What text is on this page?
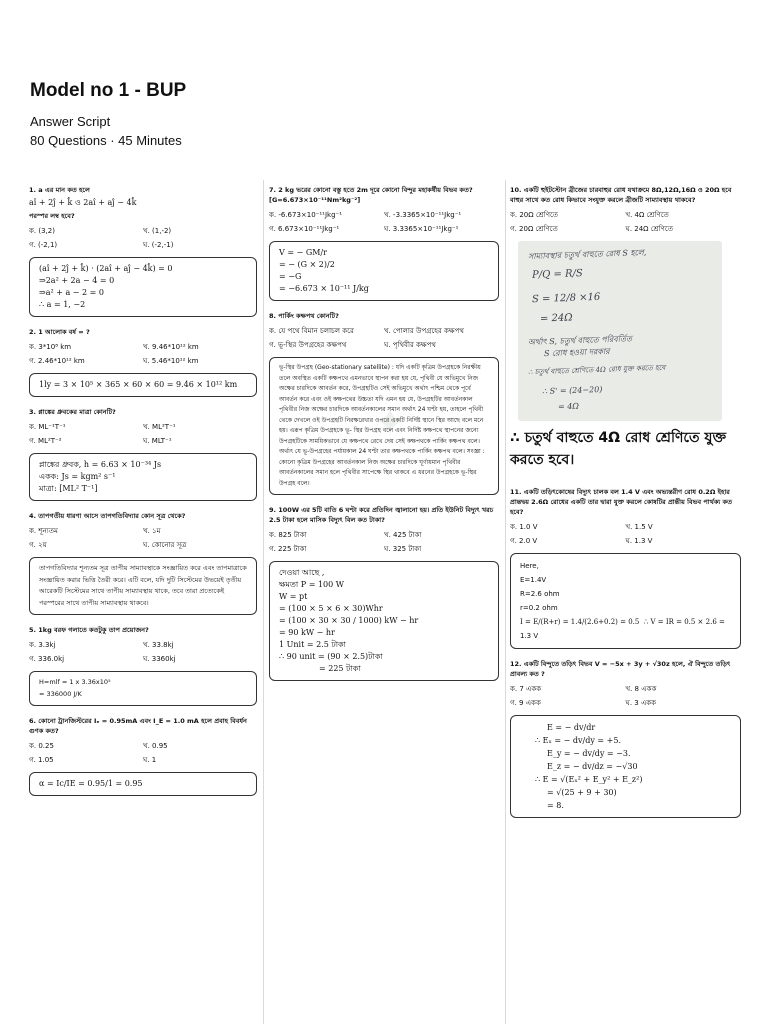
Model no 1 - BUP
Answer Script
80 Questions · 45 Minutes
✦
1. a এর মান কত হলে
aî + 2ĵ + k̂ ও 2aî + aĵ − 4k̂
পরস্পর লম্ব হবে?
ক. (3,2)	খ. (1,-2)
গ. (-2,1)	ঘ. (-2,-1)
(aî + 2ĵ + k̂) · (2aî + aĵ − 4k̂) = 0
⇒2a² + 2a − 4 = 0
⇒a² + a − 2 = 0
∴ a = 1, −2
2. 1 আলোক বর্ষ = ?
ক. 3*10⁸ km	খ. 9.46*10¹² km
গ. 2.46*10¹² km	ঘ. 5.46*10¹² km
1ly = 3 × 10⁵ × 365 × 60 × 60 = 9.46 × 10¹² km
3. প্লাঙ্কের ধ্রুবকের মাত্রা কোনটি?
ক. ML⁻¹T⁻¹	খ. ML²T⁻¹
গ. ML²T⁻²	ঘ. MLT⁻¹
প্লাঙ্কের ধ্রুবক, h = 6.63 × 10⁻³⁴ Js
একক: Js = kgm² s⁻¹
মাত্রা: [ML² T⁻¹]
4. তাপগতীয় ধারণা আসে তাপগতিবিদ্যার কোন সূত্র থেকে?
ক. শূন্যতম	খ. ১ম
গ. ২য়	ঘ. কোনোর সূত্র
তাপগতিবিদ্যার শূন্যতম সূত্র তাপীয় সাম্যাবস্থাকে সংজ্ঞায়িত করে এবং তাপমাত্রাকে সংজ্ঞায়িত করার ভিত্তি তৈরী করে। এটি বলে, যদি দুটি সিস্টেমের উভয়েই তৃতীয় আরেকটি সিস্টেমের সাথে তাপীয় সাম্যাবস্থায় থাকে, তবে তারা প্রত্যেকেই পরস্পরের সাথে তাপীয় সাম্যাবস্থায় থাকবে।
5. 1kg বরফ গলাতে কতটুকু তাপ প্রয়োজন?
ক. 3.3kj	খ. 33.8kj
গ. 336.0kj	ঘ. 3360kj
H=mlf = 1 x 3.36x10⁵
= 336000 J/K
6. কোনো ট্রানজিস্টরের Iₑ = 0.95mA এবং I_E = 1.0 mA হলে প্রবাহ বিবর্ধন গুণক কত?
ক. 0.25	খ. 0.95
গ. 1.05	ঘ. 1
α = Ic/IE = 0.95/1 = 0.95
7. 2 kg ভরের কোনো বস্তু হতে 2m দূরে কোনো বিন্দুর মহাকর্ষীয় বিভব কত? [G=6.673×10⁻¹¹Nm²kg⁻²]
ক. -6.673×10⁻¹¹Jkg⁻¹	খ. -3.3365×10⁻¹¹Jkg⁻¹
গ. 6.673×10⁻¹¹Jkg⁻¹	ঘ. 3.3365×10⁻¹¹Jkg⁻¹
V = − GM/r
= − (G × 2)/2
= −G
= −6.673 × 10⁻¹¹ J/kg
8. পার্কিং কক্ষপথ কোনটি?
ক. যে পথে বিমান চলাচল করে	খ. পোলার উপগ্রহের কক্ষপথ
গ. ভূ-স্থির উপগ্রহের কক্ষপথ	ঘ. পৃথিবীর কক্ষপথ
ভূ-স্থির উপগ্রহ (Geo-stationary satellite) : যদি একটি কৃত্রিম উপগ্রহকে নিরক্ষীয় তলে অবস্থিত একটি কক্ষপথে এমনভাবে স্থাপন করা হয় যে, পৃথিবী যে অভিমুখে নিজ অক্ষের চারদিকে আবর্তন করে, উপগ্রহটিও সেই অভিমুখে অর্থাৎ পশ্চিম থেকে পূর্বে আবর্তন করে এবং ওই কক্ষপথের উচ্চতা যদি এমন হয় যে, উপগ্রহটির আবর্তনকাল পৃথিবীর নিজ অক্ষের চারদিকে আবর্তনকালের সমান অর্থাৎ 24 ঘণ্টা হয়, তাহলে পৃথিবী থেকে দেখলে ওই উপগ্রহটি নিরক্ষরেখার ওপরে একটি নির্দিষ্ট স্থানে স্থির আছে বলে মনে হয়। এরূপ কৃত্রিম উপগ্রহকে ভূ- স্থির উপগ্রহ বলে এবং নির্দিষ্ট কক্ষপথে স্থাপনের জন্যে উপগ্রহটিকে সাময়িকভাবে যে কক্ষপথে রেখে দেয় সেই কক্ষপথকে পার্কিং কক্ষপথ বলে। অর্থাৎ যে ভূ-উপগ্রহের পর্যায়কাল 24 ঘণ্টা তার কক্ষপথকে পার্কিং কক্ষপথ বলে। সংজ্ঞা : কোনো কৃত্রিম উপগ্রহের আবর্তনকাল নিজ অক্ষের চারদিকে ঘূর্ণায়মান পৃথিবীর আবর্তনকালের সমান হলে পৃথিবীর সাপেক্ষে স্থির থাকবে এ ধরনের উপগ্রহকে ভূ-স্থির উপগ্রহ বলে।
9. 100W এর 5টি বাতি 6 ঘণ্টা করে প্রতিদিন জ্বালানো হয়। প্রতি ইউনিট বিদ্যুৎ খরচ 2.5 টাকা হলে মাসিক বিদ্যুৎ বিল কত টাকা?
ক. 825 টাকা	খ. 425 টাকা
গ. 225 টাকা	ঘ. 325 টাকা
দেওয়া আছে ,
ক্ষমতা P = 100 W
W = pt
= (100 × 5 × 6 × 30)Whr
= (100 × 30 × 30 / 1000) kW − hr
= 90 kW − hr
1 Unit = 2.5 টাকা
∴ 90 unit = (90 × 2.5)টাকা
= 225 টাকা
10. একটি হুইটস্টোন ব্রীজের চারবাহুর রোধ যথাক্রমে 8Ω,12Ω,16Ω ও 20Ω হবে বাহুর সাথে কত রোধ কিভাবে সংযুক্ত করলে ব্রীজটি সাম্যাবস্থায় থাকবে?
ক. 20Ω শ্রেণিতে	খ. 4Ω শ্রেণিতে
গ. 20Ω শ্রেণিতে	ঘ. 24Ω শ্রেণিতে
সাম্যাবস্থার চতুর্থ বাহুতে রোধ S হলে,
P/Q = R/S
S = 12/8 ×16
= 24Ω
অর্থাৎ S, চতুর্থ বাহুতে পরিবর্তিত
S রোধ হওয়া দরকার
∴ চতুর্থ বাহুতে শ্রেণিতে 4Ω রোধ যুক্ত করতে হবে
∴ S' = (24−20)
= 4Ω
∴ চতুর্থ বাহুতে 4Ω রোধ শ্রেণিতে যুক্ত করতে হবে।
11. একটি তড়িৎকোষের বিদ্যুৎ চালক বল 1.4 V এবং অভ্যন্তরীণ রোধ 0.2Ω ইহার প্রান্তদ্বয় 2.6Ω রোধের একটি তার দ্বারা যুক্ত করলে কোষটির প্রান্তীয় বিভব পার্থক্য কত হবে?
ক. 1.0 V	খ. 1.5 V
গ. 2.0 V	ঘ. 1.3 V
Here,
E=1.4V
R=2.6 ohm
r=0.2 ohm
I = E/(R+r) = 1.4/(2.6+0.2) = 0.5  ∴ V = IR = 0.5 × 2.6 =
1.3 V
12. একটি বিন্দুতে তড়িৎ বিভব V = −5x + 3y + √30z হলে, ঐ বিন্দুতে তড়িৎ প্রাবল্য কত ?
ক. 7 একক	খ. 8 একক
গ. 9 একক	ঘ. 3 একক
E = − dv/dr
∴ Eₓ = − dv/dy = +5.
E_y = − dv/dy = −3.
E_z = − dv/dz = −√30
∴ E = √(Eₓ² + E_y² + E_z²)
= √(25 + 9 + 30)
= 8.
